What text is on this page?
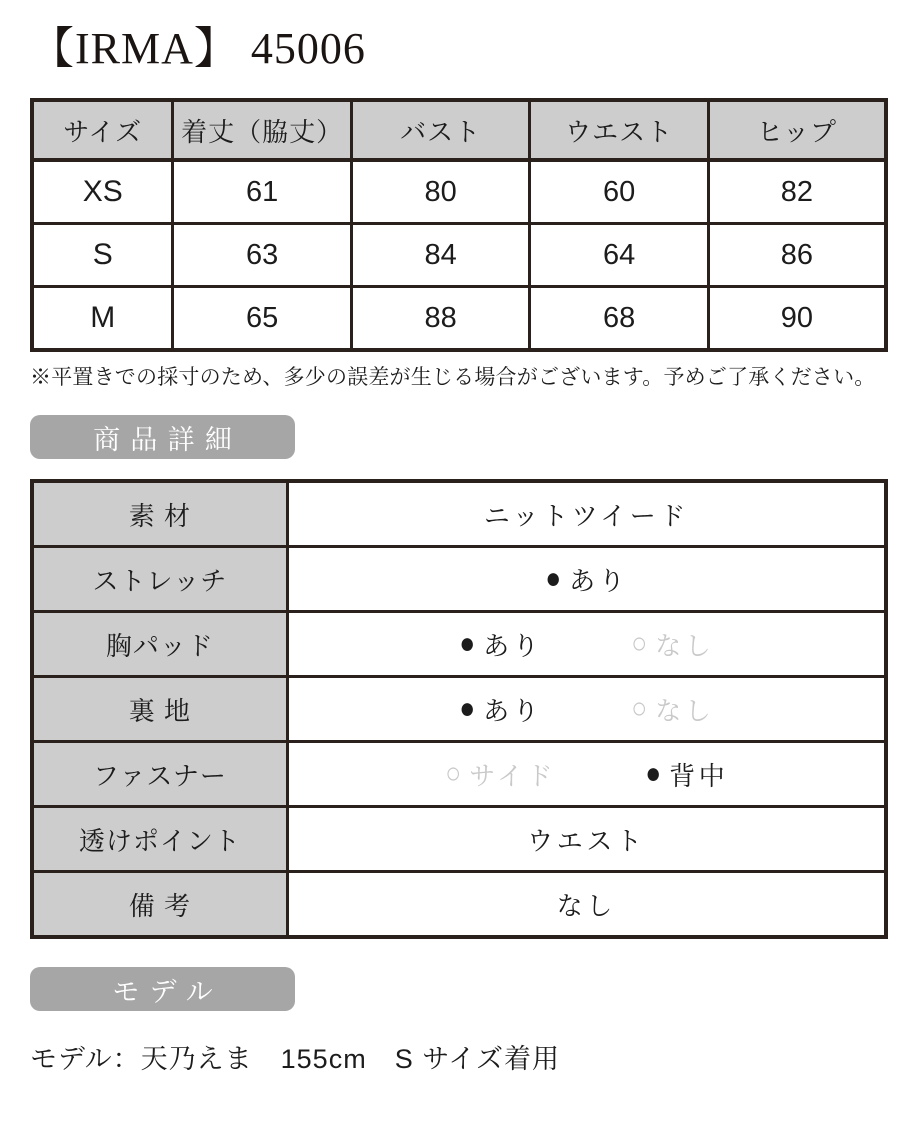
【IRMA】 45006
サイズ	着丈（脇丈）	バスト	ウエスト	ヒップ
XS	61	80	60	82
S	63	84	64	86
M	65	88	68	90
※平置きでの採寸のため、多少の誤差が生じる場合がございます。予めご了承ください。
商品詳細
素 材	ニットツイード
ストレッチ	● あり

胸パッド	● あり ○ なし

裏 地	● あり ○ なし

ファスナー	○ サイド ● 背中

透けポイント	ウエスト
備 考	なし
モデル
モデル：天乃えま　155cm　S サイズ着用
